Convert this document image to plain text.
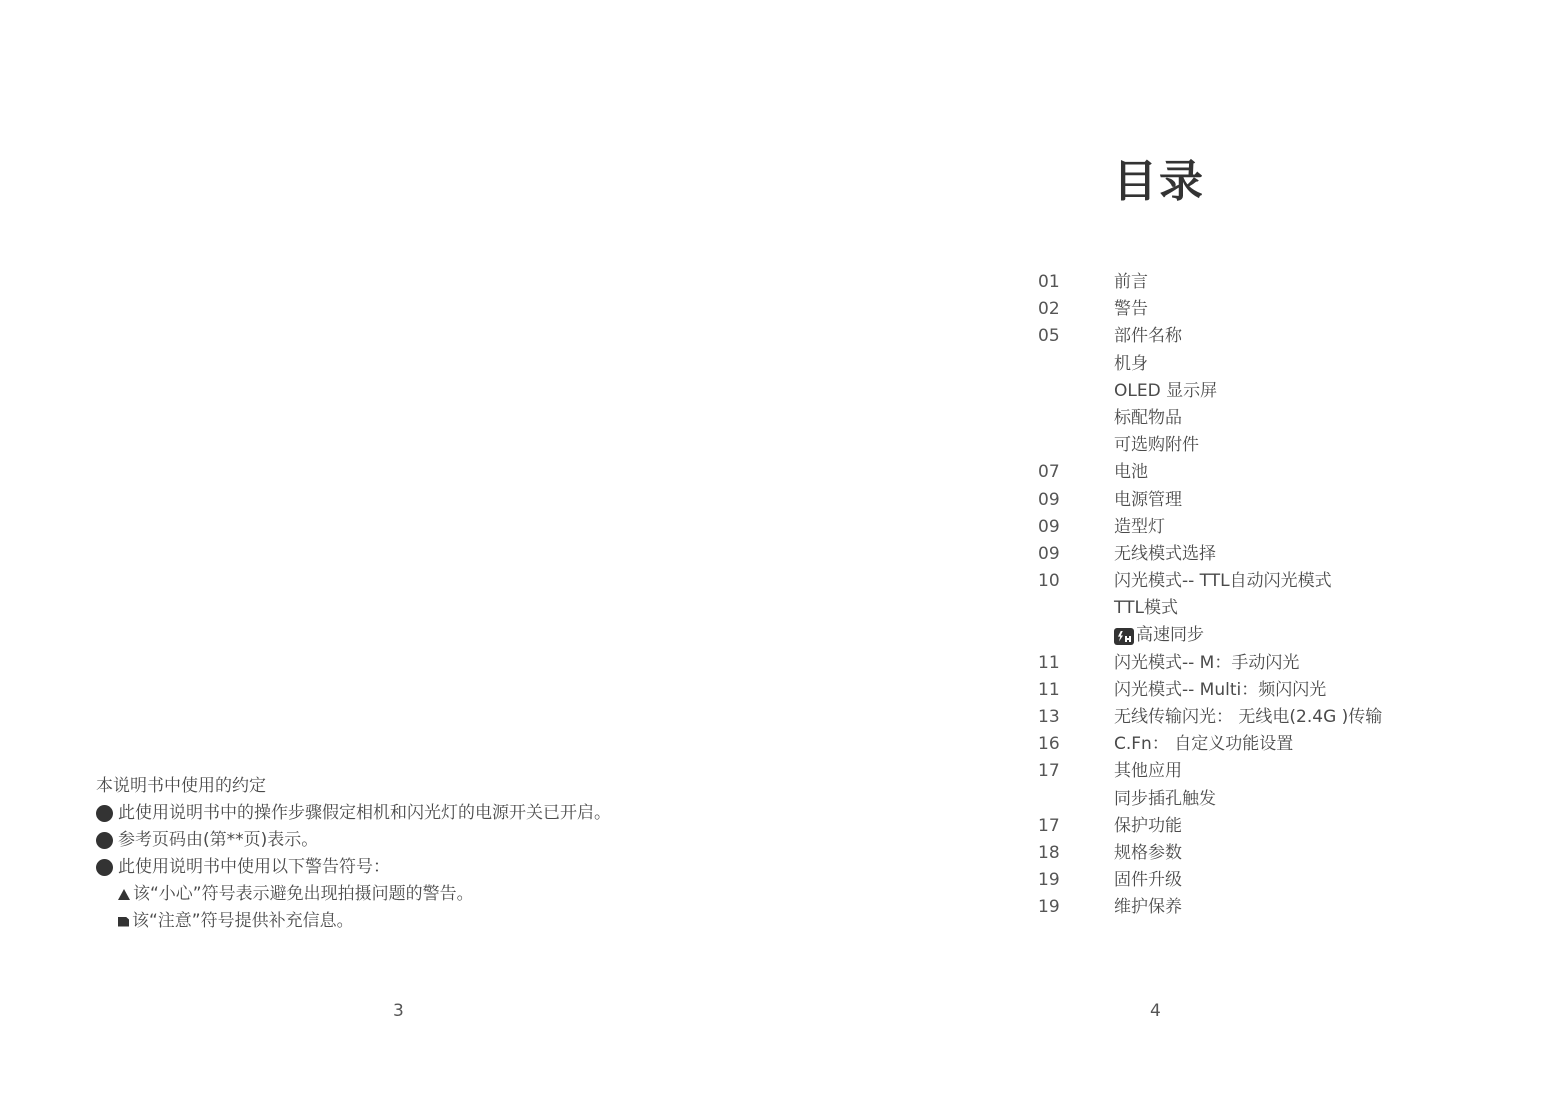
本说明书中使用的约定
此使用说明书中的操作步骤假定相机和闪光灯的电源开关已开启。
参考页码由(第**页)表示。
此使用说明书中使用以下警告符号：
该“小心”符号表示避免出现拍摄问题的警告。
该“注意”符号提供补充信息。
3
目录
01	前言
02	警告
05	部件名称
机身
OLED 显示屏
标配物品
可选购附件
07	电池
09	电源管理
09	造型灯
09	无线模式选择
10	闪光模式-- TTL自动闪光模式
TTL模式
高速同步
11	闪光模式-- M：手动闪光
11	闪光模式-- Multi：频闪闪光
13	无线传输闪光： 无线电(2.4G )传输
16	C.Fn： 自定义功能设置
17	其他应用
同步插孔触发
17	保护功能
18	规格参数
19	固件升级
19	维护保养
4
